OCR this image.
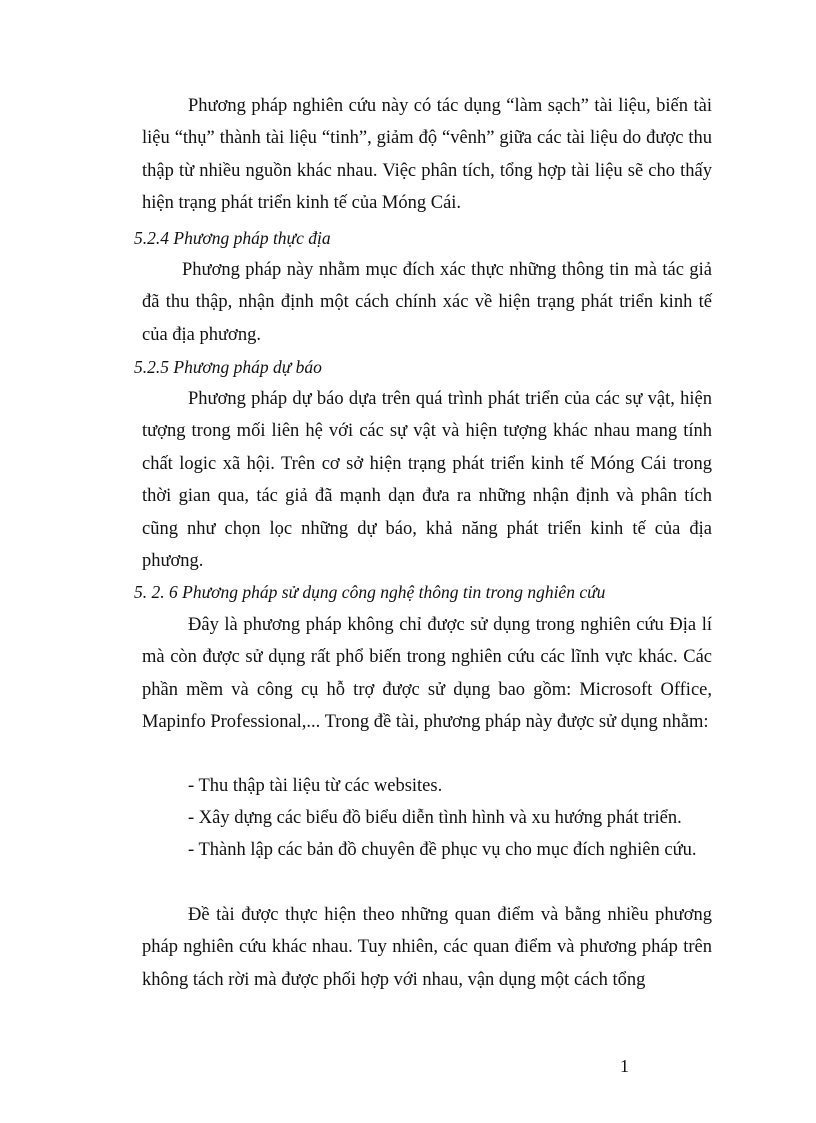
Phương pháp nghiên cứu này có tác dụng “làm sạch” tài liệu, biến tài liệu “thụ” thành tài liệu “tinh”, giảm độ “vênh” giữa các tài liệu do được thu thập từ nhiều nguồn khác nhau. Việc phân tích, tổng hợp tài liệu sẽ cho thấy hiện trạng phát triển kinh tế của Móng Cái.

5.2.4 Phương pháp thực địa

Phương pháp này nhằm mục đích xác thực những thông tin mà tác giả đã thu thập, nhận định một cách chính xác về hiện trạng phát triển kinh tế của địa phương.

5.2.5 Phương pháp dự báo

Phương pháp dự báo dựa trên quá trình phát triển của các sự vật, hiện tượng trong mối liên hệ với các sự vật và hiện tượng khác nhau mang tính chất logic xã hội. Trên cơ sở hiện trạng phát triển kinh tế Móng Cái trong thời gian qua, tác giả đã mạnh dạn đưa ra những nhận định và phân tích cũng như chọn lọc những dự báo, khả năng phát triển kinh tế của địa phương.

5. 2. 6 Phương pháp sử dụng công nghệ thông tin trong nghiên cứu

Đây là phương pháp không chỉ được sử dụng trong nghiên cứu Địa lí mà còn được sử dụng rất phổ biến trong nghiên cứu các lĩnh vực khác. Các phần mềm và công cụ hỗ trợ được sử dụng bao gồm: Microsoft Office, Mapinfo Professional,... Trong đề tài, phương pháp này được sử dụng nhằm:

- Thu thập tài liệu từ các websites.

- Xây dựng các biểu đồ biểu diễn tình hình và xu hướng phát triển.

- Thành lập các bản đồ chuyên đề phục vụ cho mục đích nghiên cứu.

Đề tài được thực hiện theo những quan điểm và bằng nhiều phương pháp nghiên cứu khác nhau. Tuy nhiên, các quan điểm và phương pháp trên không tách rời mà được phối hợp với nhau, vận dụng một cách tổng

1
